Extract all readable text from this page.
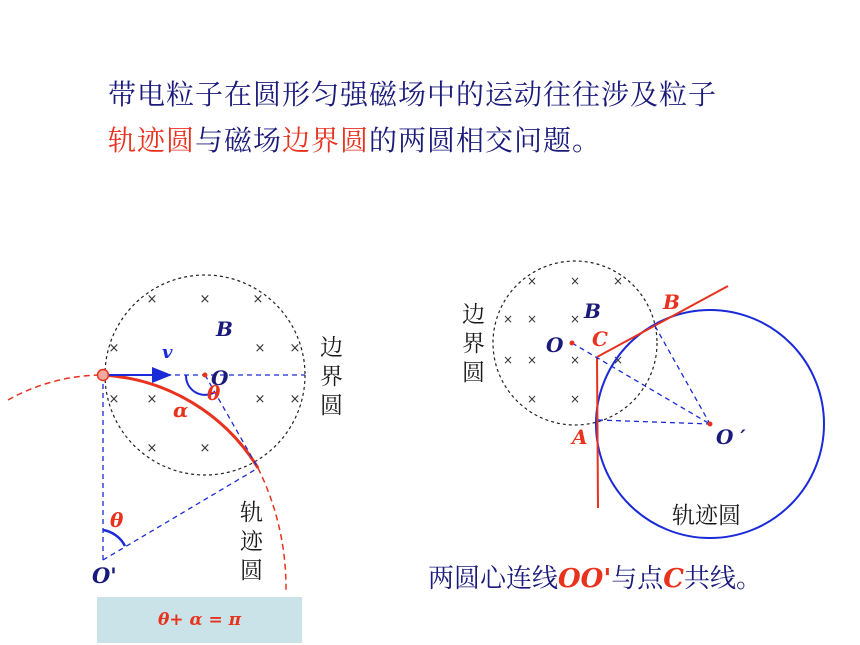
带电粒子在圆形匀强磁场中的运动往往涉及粒子
轨迹圆与磁场边界圆的两圆相交问题。
×	×	×
×	× ×
×	× ×
×	×
×
B
v
O
θ
α
θ
O'
边
界
圆
轨
迹
圆
×	×	×
× ×	×
×	×	×
×	×
×
边
界
圆
B
O C
B
A	O ′
轨迹圆
θ+ α = π
两圆心连线OO'与点C共线。
